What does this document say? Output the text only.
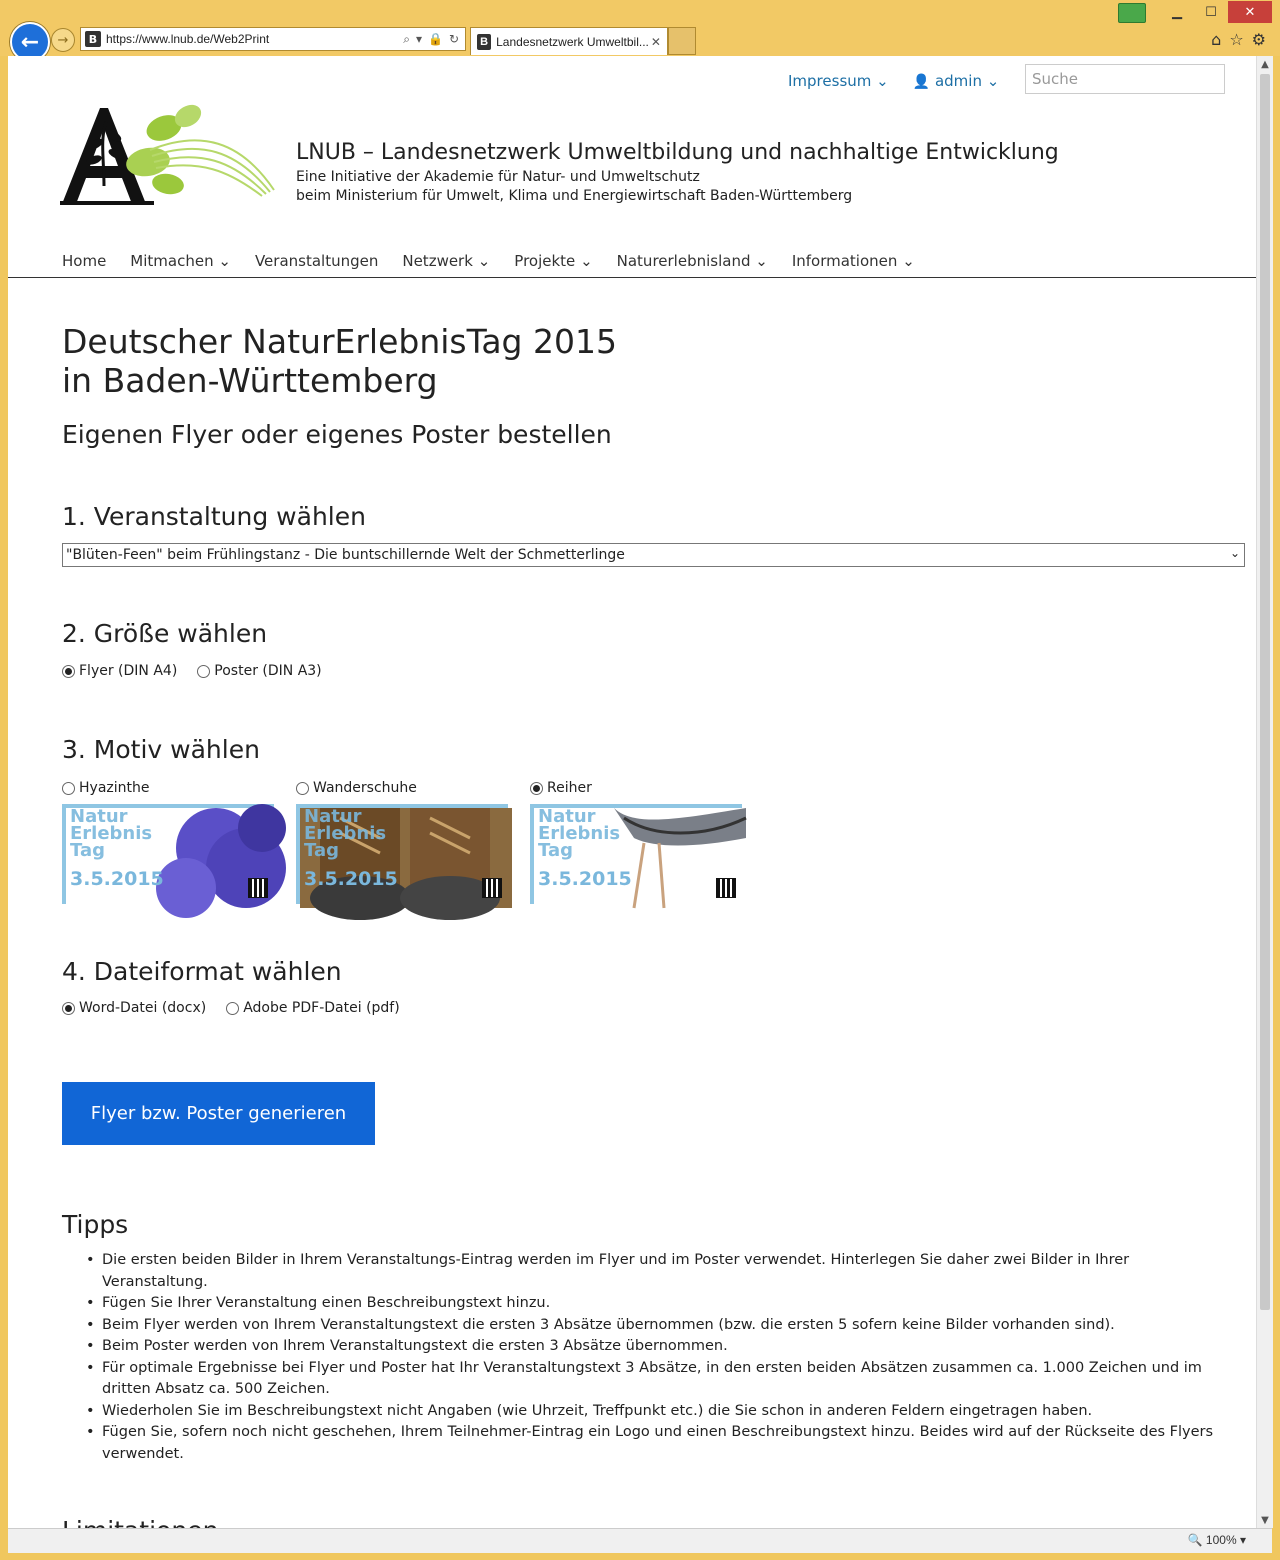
▁	☐	✕
← →	B https://www.lnub.de/Web2Print	⌕ ▾ 🔒 ↻ B Landesnetzwerk Umweltbil... ✕	⌂ ☆ ⚙
Impressum ⌄ 👤 admin ⌄
Suche
LNUB – Landesnetzwerk Umweltbildung und nachhaltige Entwicklung
Eine Initiative der Akademie für Natur- und Umweltschutz
beim Ministerium für Umwelt, Klima und Energiewirtschaft Baden-Württemberg
Home Mitmachen ⌄ Veranstaltungen Netzwerk ⌄ Projekte ⌄ Naturerlebnisland ⌄ Informationen ⌄
Deutscher NaturErlebnisTag 2015
in Baden-Württemberg
Eigenen Flyer oder eigenes Poster bestellen
1. Veranstaltung wählen
"Blüten-Feen" beim Frühlingstanz - Die buntschillernde Welt der Schmetterlinge	⌄
2. Größe wählen
Flyer (DIN A4)	Poster (DIN A3)
3. Motiv wählen
Hyazinthe
Natur
Erlebnis
Tag
3.5.2015
Wanderschuhe
Natur
Erlebnis
Tag
3.5.2015
Reiher
Natur
Erlebnis
Tag
3.5.2015
4. Dateiformat wählen
Word-Datei (docx)	Adobe PDF-Datei (pdf)
Flyer bzw. Poster generieren
Tipps
• Die ersten beiden Bilder in Ihrem Veranstaltungs-Eintrag werden im Flyer und im Poster verwendet. Hinterlegen Sie daher zwei Bilder in Ihrer Veranstaltung.
• Fügen Sie Ihrer Veranstaltung einen Beschreibungstext hinzu.
• Beim Flyer werden von Ihrem Veranstaltungstext die ersten 3 Absätze übernommen (bzw. die ersten 5 sofern keine Bilder vorhanden sind).
• Beim Poster werden von Ihrem Veranstaltungstext die ersten 3 Absätze übernommen.
• Für optimale Ergebnisse bei Flyer und Poster hat Ihr Veranstaltungstext 3 Absätze, in den ersten beiden Absätzen zusammen ca. 1.000 Zeichen und im dritten Absatz ca. 500 Zeichen.
• Wiederholen Sie im Beschreibungstext nicht Angaben (wie Uhrzeit, Treffpunkt etc.) die Sie schon in anderen Feldern eingetragen haben.
• Fügen Sie, sofern noch nicht geschehen, Ihrem Teilnehmer-Eintrag ein Logo und einen Beschreibungstext hinzu. Beides wird auf der Rückseite des Flyers verwendet.
▲
▼
🔍 100% ▾
